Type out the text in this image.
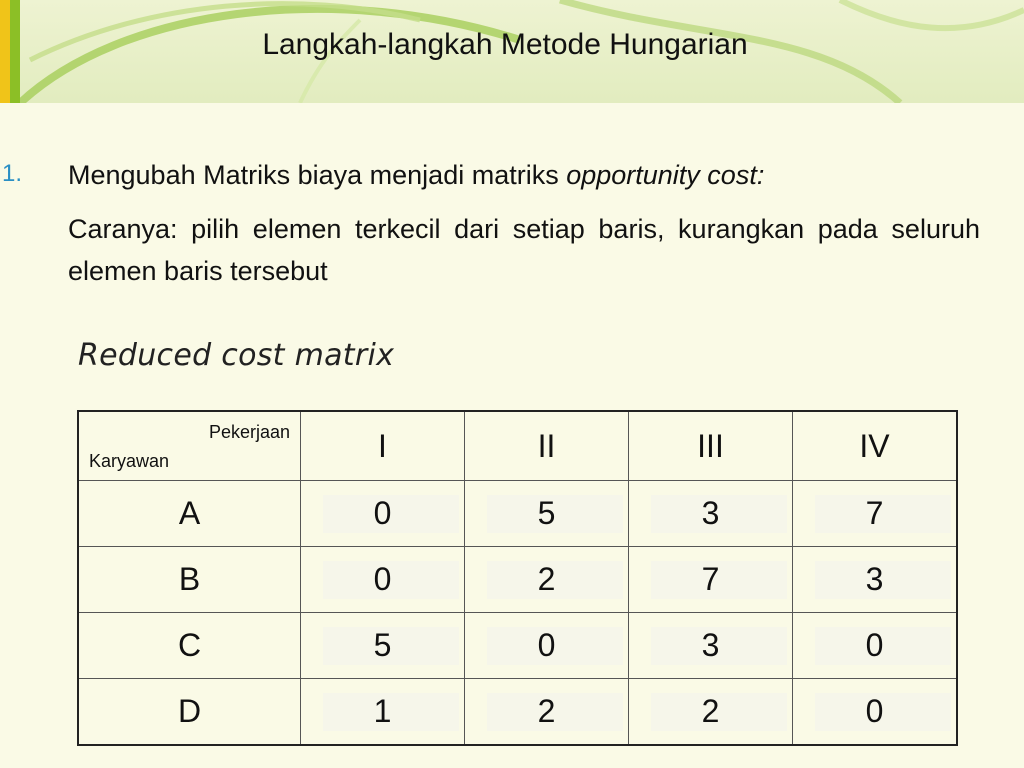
Langkah-langkah Metode Hungarian
1. Mengubah Matriks biaya menjadi matriks opportunity cost:
Caranya: pilih elemen terkecil dari setiap baris, kurangkan pada seluruh elemen baris tersebut
Reduced cost matrix
Pekerjaan
Karyawan	I	II	III	IV
A	0	5	3	7
B	0	2	7	3
C	5	0	3	0
D	1	2	2	0
